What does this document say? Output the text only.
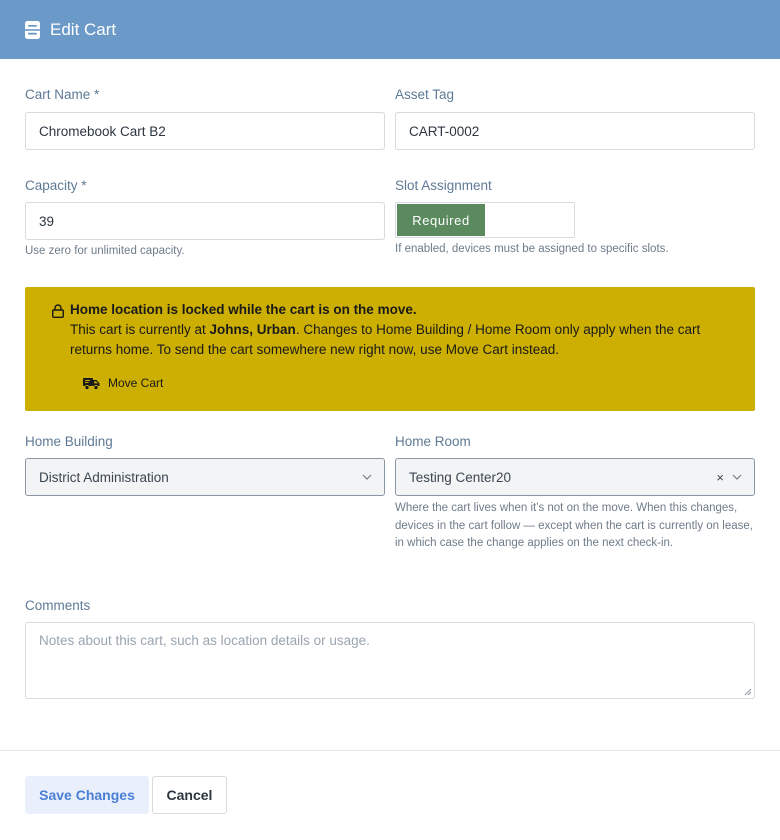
Edit Cart
Cart Name *
Chromebook Cart B2
Asset Tag
CART-0002
Capacity *
39
Use zero for unlimited capacity.
Slot Assignment
Required
If enabled, devices must be assigned to specific slots.
Home location is locked while the cart is on the move.
This cart is currently at Johns, Urban. Changes to Home Building / Home Room only apply when the cart returns home. To send the cart somewhere new right now, use Move Cart instead.
Move Cart
Home Building
District Administration
Home Room
Testing Center20	×
Where the cart lives when it's not on the move. When this changes, devices in the cart follow — except when the cart is currently on lease, in which case the change applies on the next check-in.
Comments
Notes about this cart, such as location details or usage.
Save Changes	Cancel
